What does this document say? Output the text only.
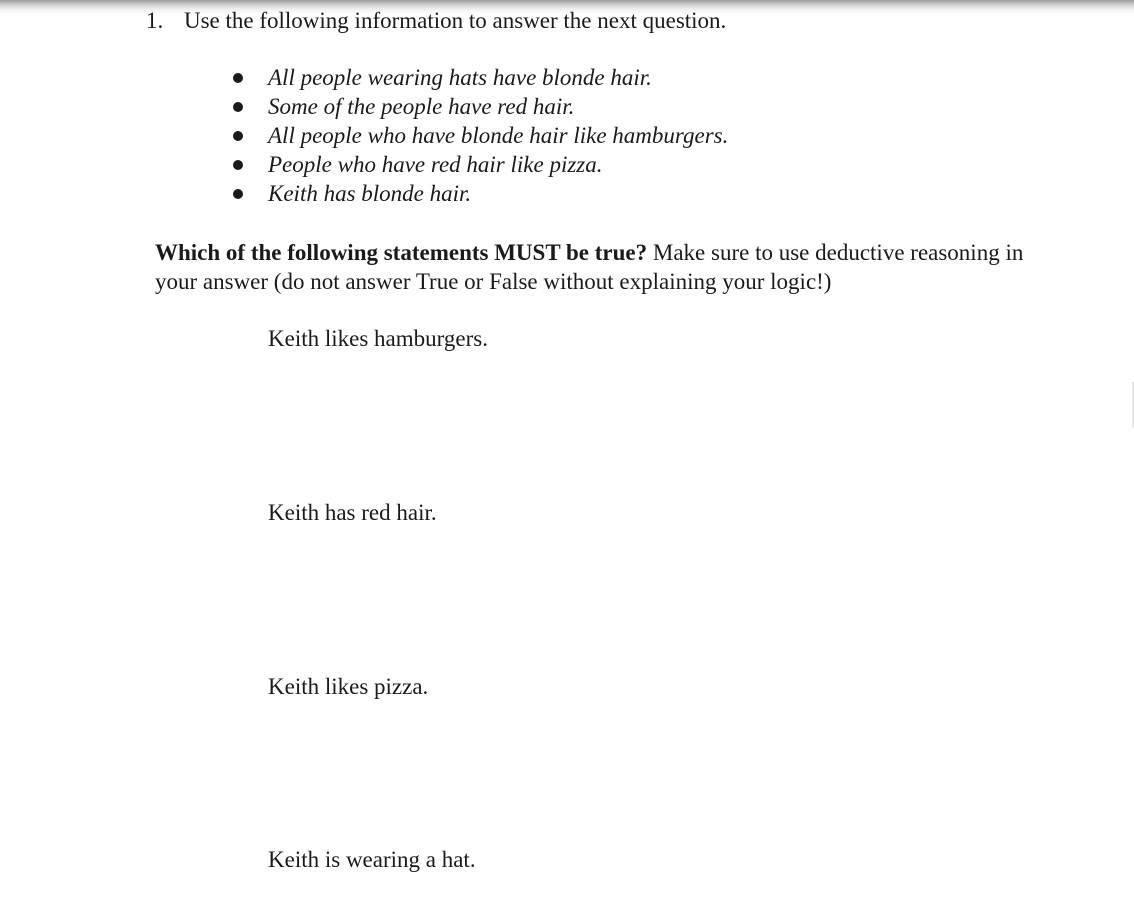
1. Use the following information to answer the next question.
All people wearing hats have blonde hair.
Some of the people have red hair.
All people who have blonde hair like hamburgers.
People who have red hair like pizza.
Keith has blonde hair.
Which of the following statements MUST be true? Make sure to use deductive reasoning in your answer (do not answer True or False without explaining your logic!)
Keith likes hamburgers.
Keith has red hair.
Keith likes pizza.
Keith is wearing a hat.
